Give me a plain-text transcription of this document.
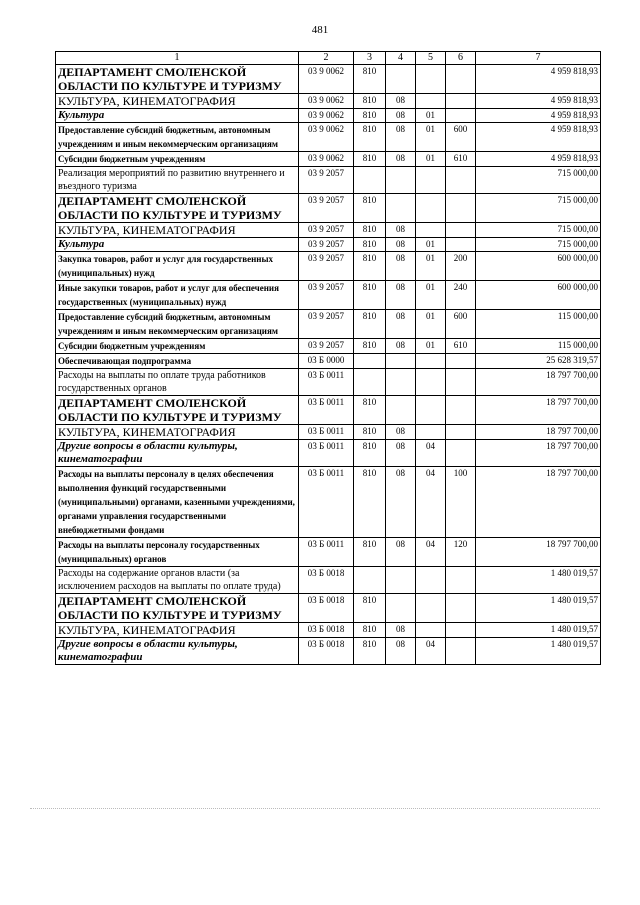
481
1	2	3	4	5	6	7
ДЕПАРТАМЕНТ СМОЛЕНСКОЙ ОБЛАСТИ ПО КУЛЬТУРЕ И ТУРИЗМУ	03 9 0062	810				4 959 818,93
КУЛЬТУРА, КИНЕМАТОГРАФИЯ	03 9 0062	810	08			4 959 818,93
Культура	03 9 0062	810	08	01		4 959 818,93
Предоставление субсидий бюджетным, автономным учреждениям и иным некоммерческим организациям	03 9 0062	810	08	01	600	4 959 818,93
Субсидии бюджетным учреждениям	03 9 0062	810	08	01	610	4 959 818,93
Реализация мероприятий по развитию внутреннего и въездного туризма	03 9 2057					715 000,00
ДЕПАРТАМЕНТ СМОЛЕНСКОЙ ОБЛАСТИ ПО КУЛЬТУРЕ И ТУРИЗМУ	03 9 2057	810				715 000,00
КУЛЬТУРА, КИНЕМАТОГРАФИЯ	03 9 2057	810	08			715 000,00
Культура	03 9 2057	810	08	01		715 000,00
Закупка товаров, работ и услуг для государственных (муниципальных) нужд	03 9 2057	810	08	01	200	600 000,00
Иные закупки товаров, работ и услуг для обеспечения государственных (муниципальных) нужд	03 9 2057	810	08	01	240	600 000,00
Предоставление субсидий бюджетным, автономным учреждениям и иным некоммерческим организациям	03 9 2057	810	08	01	600	115 000,00
Субсидии бюджетным учреждениям	03 9 2057	810	08	01	610	115 000,00
Обеспечивающая подпрограмма	03 Б 0000					25 628 319,57
Расходы на выплаты по оплате труда работников государственных органов	03 Б 0011					18 797 700,00
ДЕПАРТАМЕНТ СМОЛЕНСКОЙ ОБЛАСТИ ПО КУЛЬТУРЕ И ТУРИЗМУ	03 Б 0011	810				18 797 700,00
КУЛЬТУРА, КИНЕМАТОГРАФИЯ	03 Б 0011	810	08			18 797 700,00
Другие вопросы в области культуры, кинематографии	03 Б 0011	810	08	04		18 797 700,00
Расходы на выплаты персоналу в целях обеспечения выполнения функций государственными (муниципальными) органами, казенными учреждениями, органами управления государственными внебюджетными фондами	03 Б 0011	810	08	04	100	18 797 700,00
Расходы на выплаты персоналу государственных (муниципальных) органов	03 Б 0011	810	08	04	120	18 797 700,00
Расходы на содержание органов власти (за исключением расходов на выплаты по оплате труда)	03 Б 0018					1 480 019,57
ДЕПАРТАМЕНТ СМОЛЕНСКОЙ ОБЛАСТИ ПО КУЛЬТУРЕ И ТУРИЗМУ	03 Б 0018	810				1 480 019,57
КУЛЬТУРА, КИНЕМАТОГРАФИЯ	03 Б 0018	810	08			1 480 019,57
Другие вопросы в области культуры, кинематографии	03 Б 0018	810	08	04		1 480 019,57
